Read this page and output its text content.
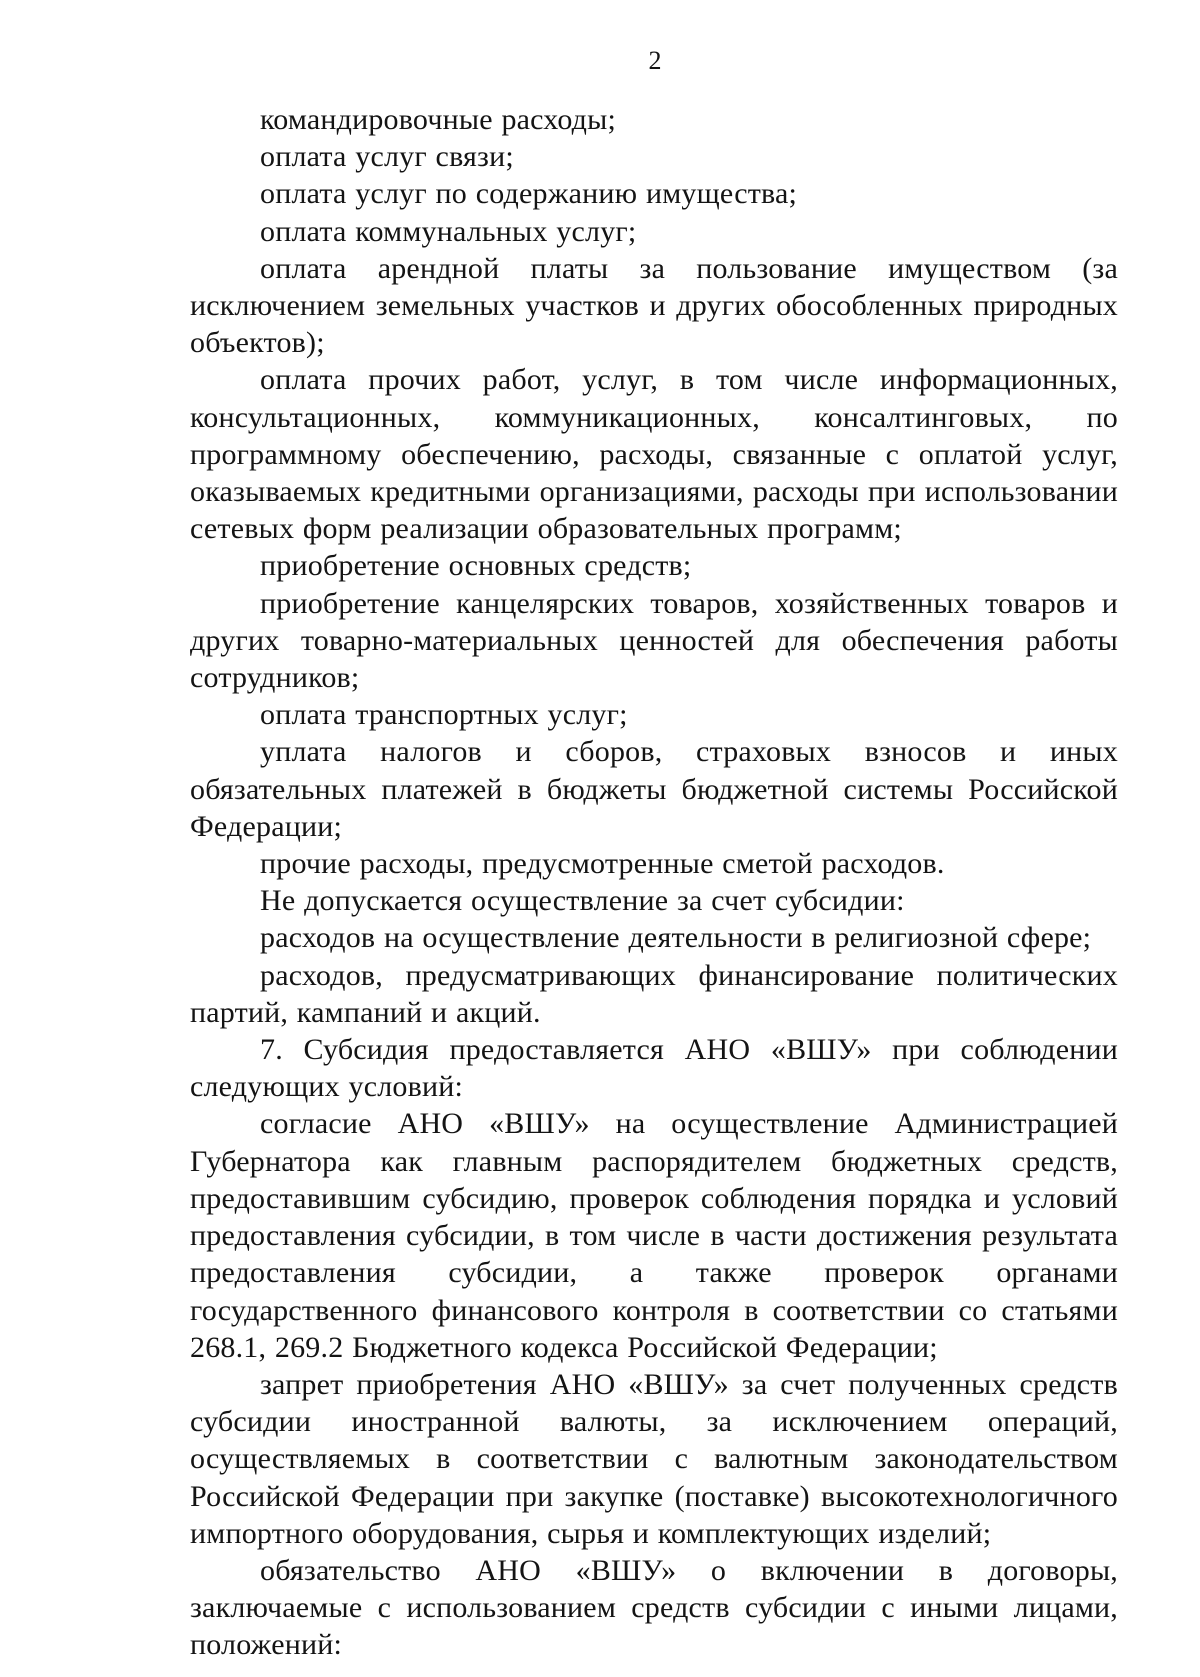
2

командировочные расходы;

оплата услуг связи;

оплата услуг по содержанию имущества;

оплата коммунальных услуг;

оплата арендной платы за пользование имуществом (за исключением земельных участков и других обособленных природных объектов);

оплата прочих работ, услуг, в том числе информационных, консультационных, коммуникационных, консалтинговых, по программному обеспечению, расходы, связанные с оплатой услуг, оказываемых кредитными организациями, расходы при использовании сетевых форм реализации образовательных программ;

приобретение основных средств;

приобретение канцелярских товаров, хозяйственных товаров и других товарно-материальных ценностей для обеспечения работы сотрудников;

оплата транспортных услуг;

уплата налогов и сборов, страховых взносов и иных обязательных платежей в бюджеты бюджетной системы Российской Федерации;

прочие расходы, предусмотренные сметой расходов.

Не допускается осуществление за счет субсидии:

расходов на осуществление деятельности в религиозной сфере;

расходов, предусматривающих финансирование политических партий, кампаний и акций.

7. Субсидия предоставляется АНО «ВШУ» при соблюдении следующих условий:

согласие АНО «ВШУ» на осуществление Администрацией Губернатора как главным распорядителем бюджетных средств, предоставившим субсидию, проверок соблюдения порядка и условий предоставления субсидии, в том числе в части достижения результата предоставления субсидии, а также проверок органами государственного финансового контроля в соответствии со статьями 268.1, 269.2 Бюджетного кодекса Российской Федерации;

запрет приобретения АНО «ВШУ» за счет полученных средств субсидии иностранной валюты, за исключением операций, осуществляемых в соответствии с валютным законодательством Российской Федерации при закупке (поставке) высокотехнологичного импортного оборудования, сырья и комплектующих изделий;

обязательство АНО «ВШУ» о включении в договоры, заключаемые с использованием средств субсидии с иными лицами, положений:
